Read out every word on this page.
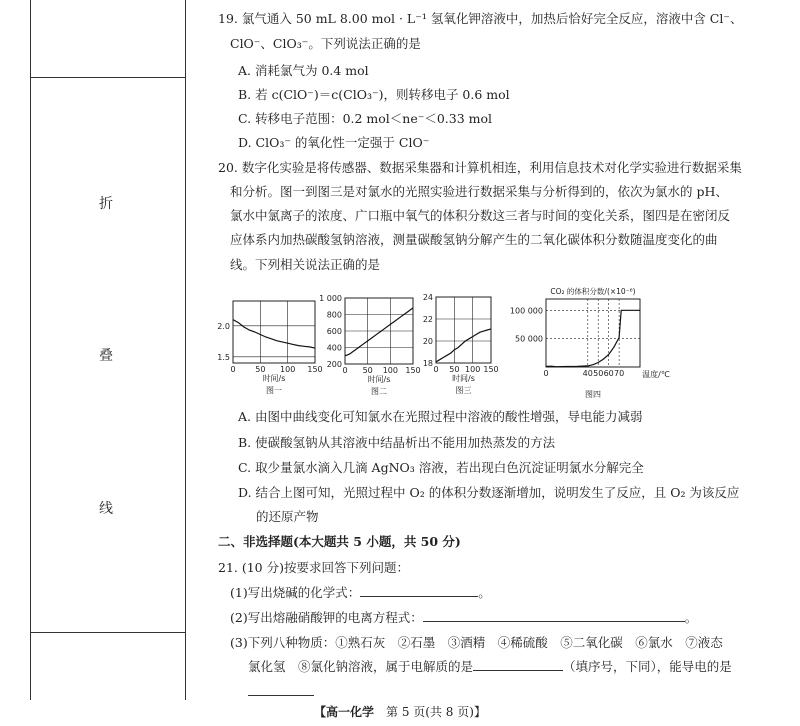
折
叠
线
19. 氯气通入 50 mL 8.00 mol · L⁻¹ 氢氧化钾溶液中，加热后恰好完全反应，溶液中含 Cl⁻、
ClO⁻、ClO₃⁻。下列说法正确的是
A. 消耗氯气为 0.4 mol
B. 若 c(ClO⁻)＝c(ClO₃⁻)，则转移电子 0.6 mol
C. 转移电子范围：0.2 mol＜ne⁻＜0.33 mol
D. ClO₃⁻ 的氧化性一定强于 ClO⁻
20. 数字化实验是将传感器、数据采集器和计算机相连，利用信息技术对化学实验进行数据采集
和分析。图一到图三是对氯水的光照实验进行数据采集与分析得到的，依次为氯水的 pH、
氯水中氯离子的浓度、广口瓶中氧气的体积分数这三者与时间的变化关系，图四是在密闭反
应体系内加热碳酸氢钠溶液，测量碳酸氢钠分解产生的二氧化碳体积分数随温度变化的曲
线。下列相关说法正确的是
0 50 100 150
1.5
2.0
时间/s
图一
0 50 100 150
200
400
600
800
1 000
时间/s
图二
0 50 100 150
18
20
22
24
时间/s
图三
0	40 50 60 70
50 000
100 000
温度/℃
CO₂ 的体积分数/(×10⁻⁶)
图四
A. 由图中曲线变化可知氯水在光照过程中溶液的酸性增强，导电能力减弱
B. 使碳酸氢钠从其溶液中结晶析出不能用加热蒸发的方法
C. 取少量氯水滴入几滴 AgNO₃ 溶液，若出现白色沉淀证明氯水分解完全
D. 结合上图可知，光照过程中 O₂ 的体积分数逐渐增加，说明发生了反应，且 O₂ 为该反应
的还原产物
二、非选择题(本大题共 5 小题，共 50 分)
21. (10 分)按要求回答下列问题：
(1)写出烧碱的化学式：	。
(2)写出熔融硝酸钾的电离方程式：	。
(3)下列八种物质：①熟石灰　②石墨　③酒精　④稀硫酸　⑤二氧化碳　⑥氯水　⑦液态
氯化氢　⑧氯化钠溶液，属于电解质的是	（填序号，下同），能导电的是
【高一化学　第 5 页(共 8 页)】
